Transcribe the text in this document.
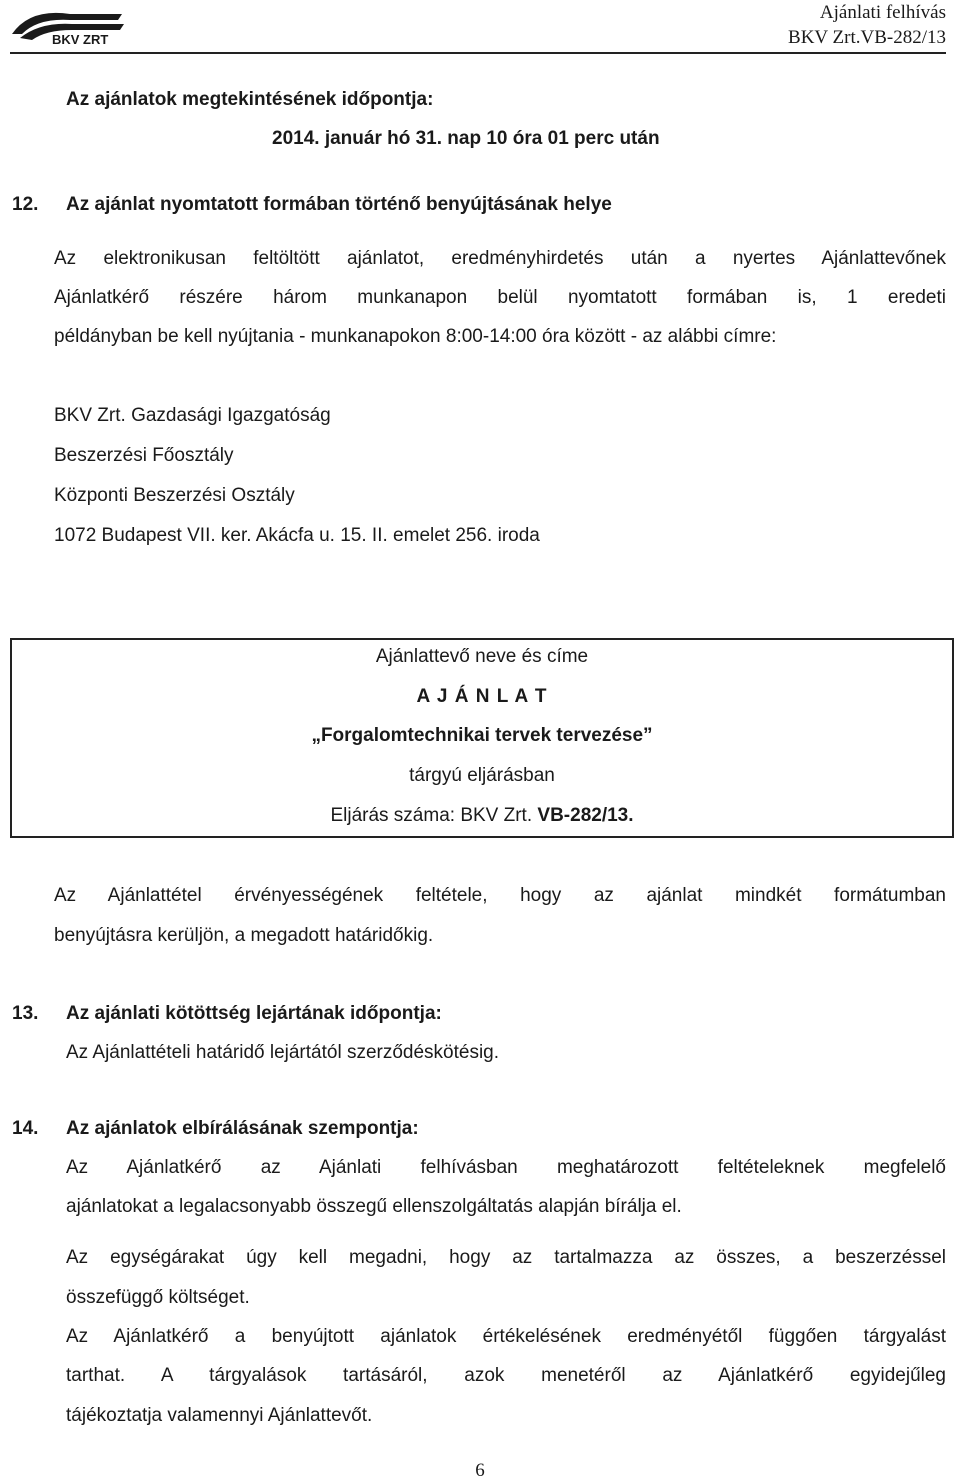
BKV ZRT
Ajánlati felhívás
BKV Zrt.VB-282/13
Az ajánlatok megtekintésének időpontja:
2014. január hó 31. nap 10 óra 01 perc után
12. Az ajánlat nyomtatott formában történő benyújtásának helye
Az elektronikusan feltöltött ajánlatot, eredményhirdetés után a nyertes Ajánlattevőnek
Ajánlatkérő részére három munkanapon belül nyomtatott formában is, 1 eredeti
példányban be kell nyújtania - munkanapokon 8:00-14:00 óra között - az alábbi címre:
BKV Zrt. Gazdasági Igazgatóság
Beszerzési Főosztály
Központi Beszerzési Osztály
1072 Budapest VII. ker. Akácfa u. 15. II. emelet 256. iroda
Ajánlattevő neve és címe
A J Á N L A T
„Forgalomtechnikai tervek tervezése”
tárgyú eljárásban
Eljárás száma: BKV Zrt. VB-282/13.
Az Ajánlattétel érvényességének feltétele, hogy az ajánlat mindkét formátumban
benyújtásra kerüljön, a megadott határidőkig.
13. Az ajánlati kötöttség lejártának időpontja:
Az Ajánlattételi határidő lejártától szerződéskötésig.
14. Az ajánlatok elbírálásának szempontja:
Az Ajánlatkérő az Ajánlati felhívásban meghatározott feltételeknek megfelelő
ajánlatokat a legalacsonyabb összegű ellenszolgáltatás alapján bírálja el.
Az egységárakat úgy kell megadni, hogy az tartalmazza az összes, a beszerzéssel
összefüggő költséget.
Az Ajánlatkérő a benyújtott ajánlatok értékelésének eredményétől függően tárgyalást
tarthat. A tárgyalások tartásáról, azok menetéről az Ajánlatkérő egyidejűleg
tájékoztatja valamennyi Ajánlattevőt.
6
